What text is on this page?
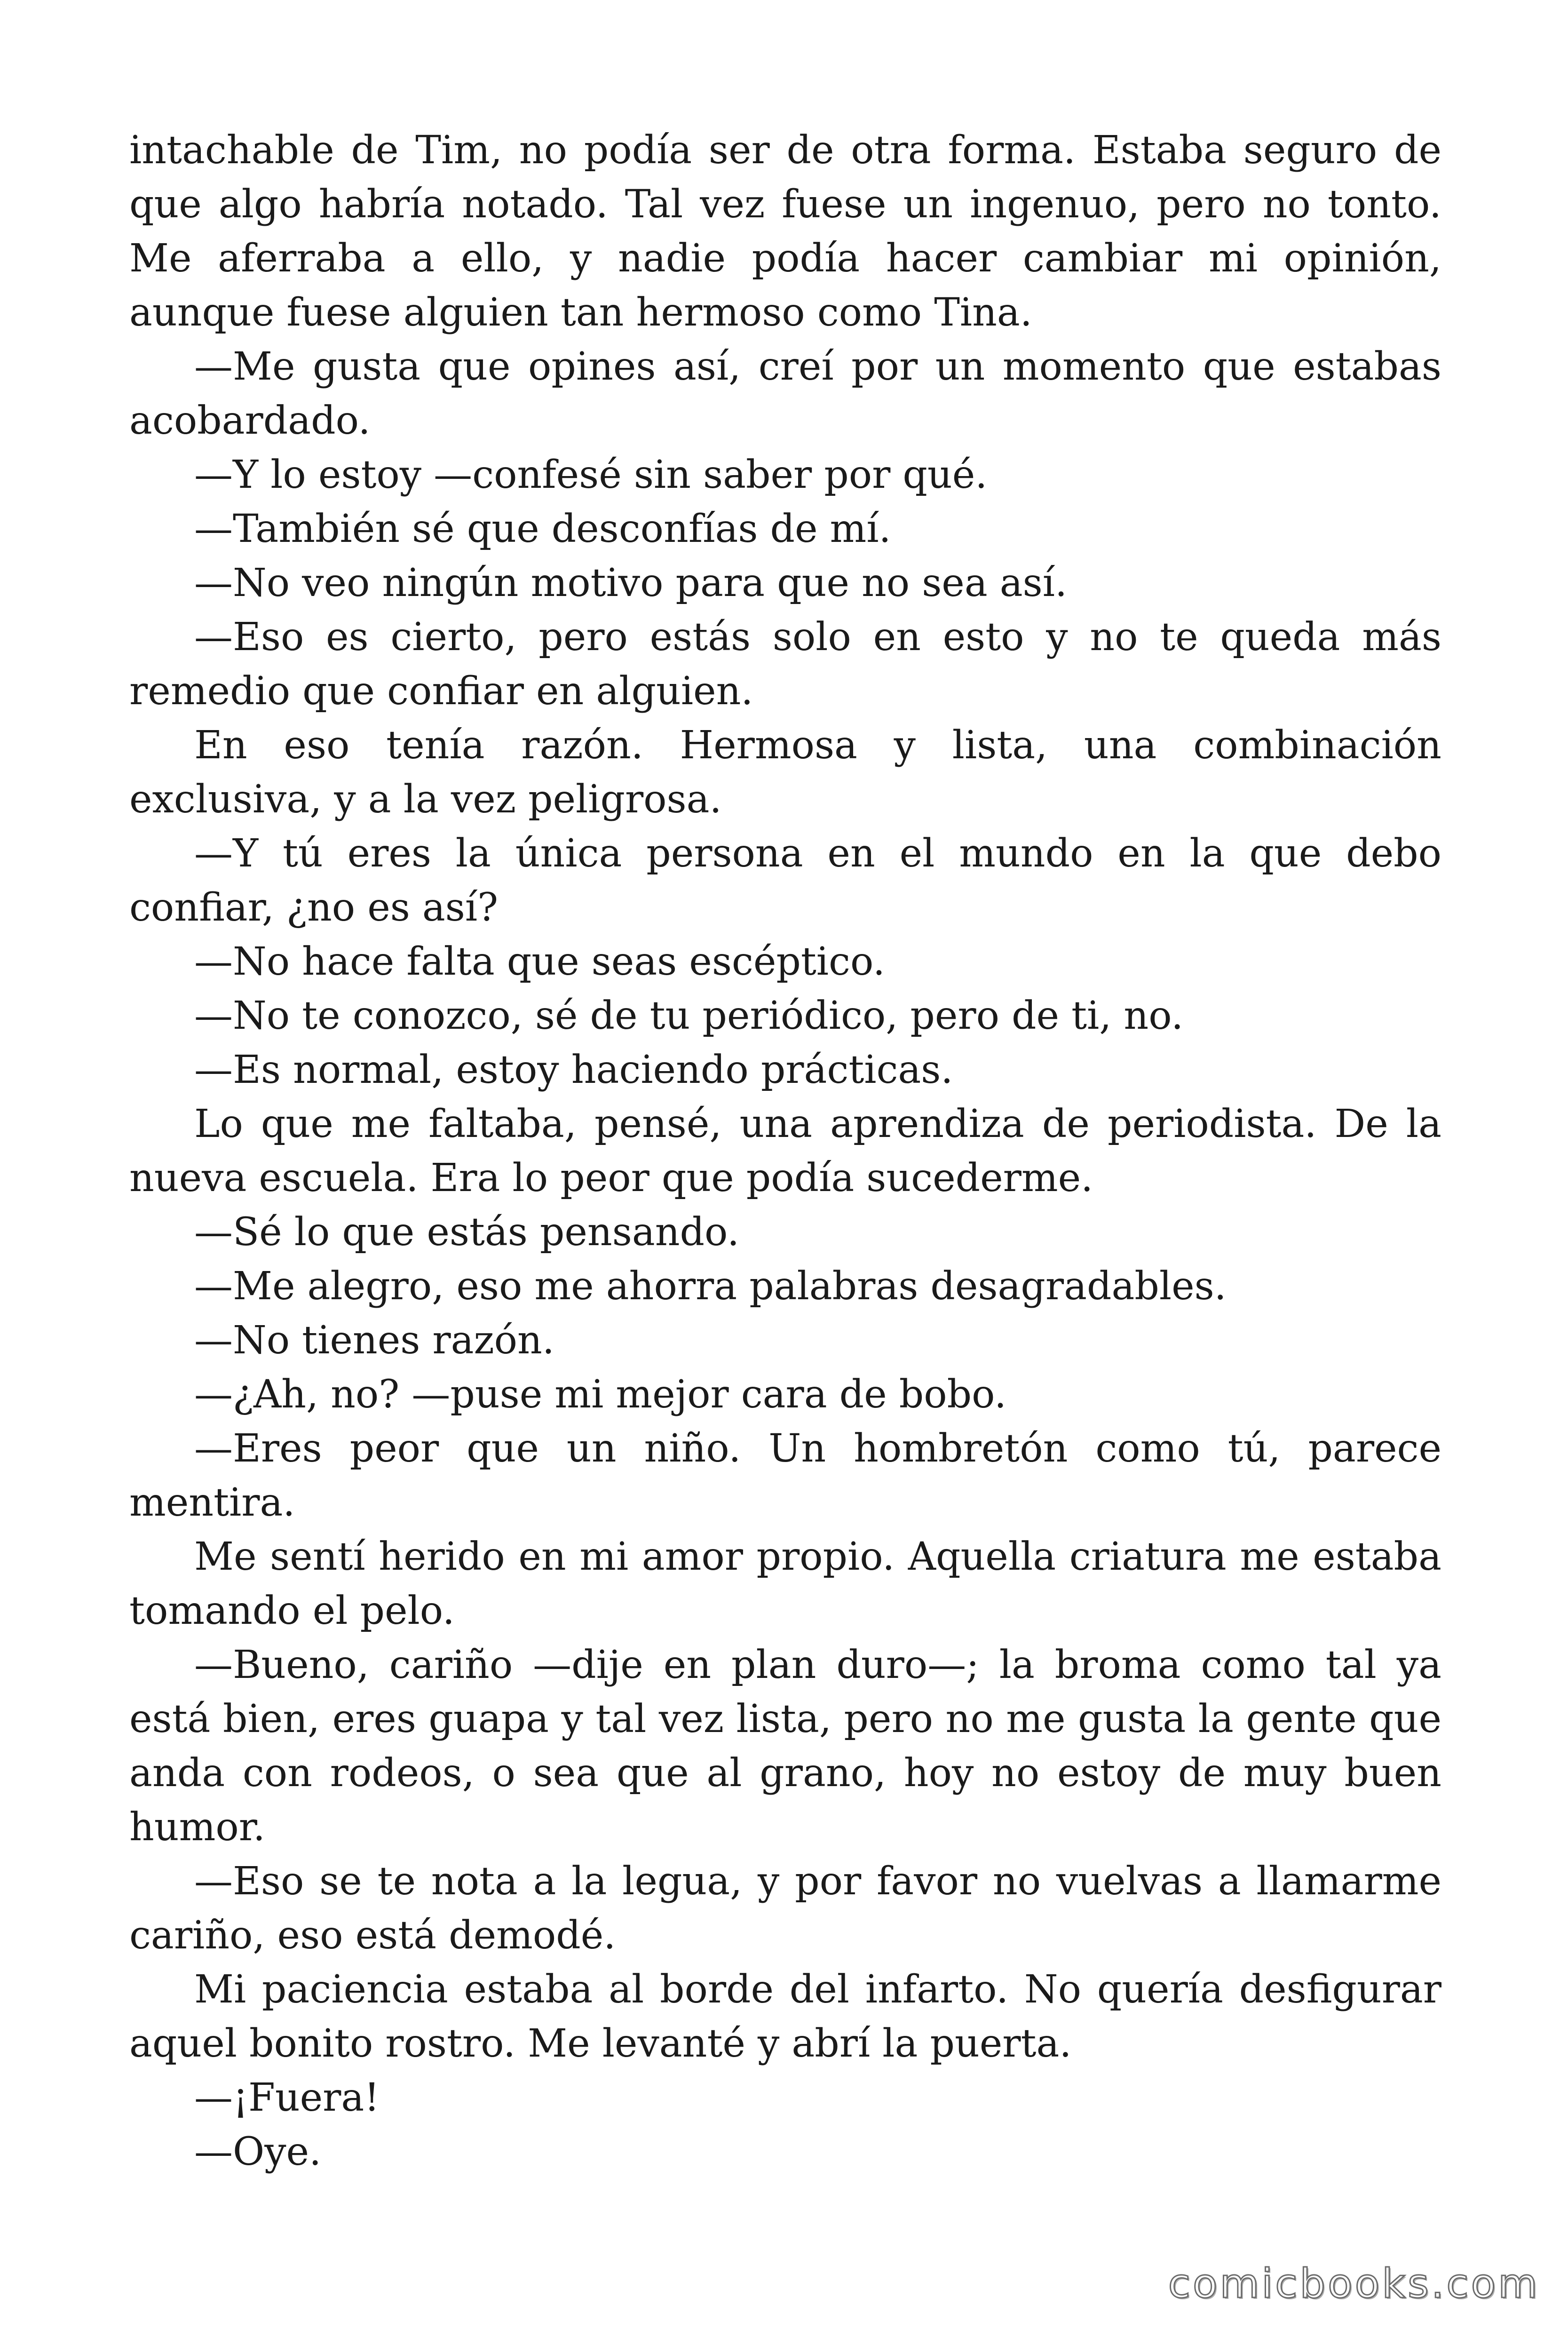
intachable de Tim, no podía ser de otra forma. Estaba seguro de que algo habría notado. Tal vez fuese un ingenuo, pero no tonto. Me aferraba a ello, y nadie podía hacer cambiar mi opinión, aunque fuese alguien tan hermoso como Tina.

—Me gusta que opines así, creí por un momento que estabas acobardado.

—Y lo estoy —confesé sin saber por qué.

—También sé que desconfías de mí.

—No veo ningún motivo para que no sea así.

—Eso es cierto, pero estás solo en esto y no te queda más remedio que confiar en alguien.

En eso tenía razón. Hermosa y lista, una combinación exclusiva, y a la vez peligrosa.

—Y tú eres la única persona en el mundo en la que debo confiar, ¿no es así?

—No hace falta que seas escéptico.

—No te conozco, sé de tu periódico, pero de ti, no.

—Es normal, estoy haciendo prácticas.

Lo que me faltaba, pensé, una aprendiza de periodista. De la nueva escuela. Era lo peor que podía sucederme.

—Sé lo que estás pensando.

—Me alegro, eso me ahorra palabras desagradables.

—No tienes razón.

—¿Ah, no? —puse mi mejor cara de bobo.

—Eres peor que un niño. Un hombretón como tú, parece mentira.

Me sentí herido en mi amor propio. Aquella criatura me estaba tomando el pelo.

—Bueno, cariño —dije en plan duro—; la broma como tal ya está bien, eres guapa y tal vez lista, pero no me gusta la gente que anda con rodeos, o sea que al grano, hoy no estoy de muy buen humor.

—Eso se te nota a la legua, y por favor no vuelvas a llamarme cariño, eso está demodé.

Mi paciencia estaba al borde del infarto. No quería desfigurar aquel bonito rostro. Me levanté y abrí la puerta.

—¡Fuera!

—Oye.

comicbooks.com
